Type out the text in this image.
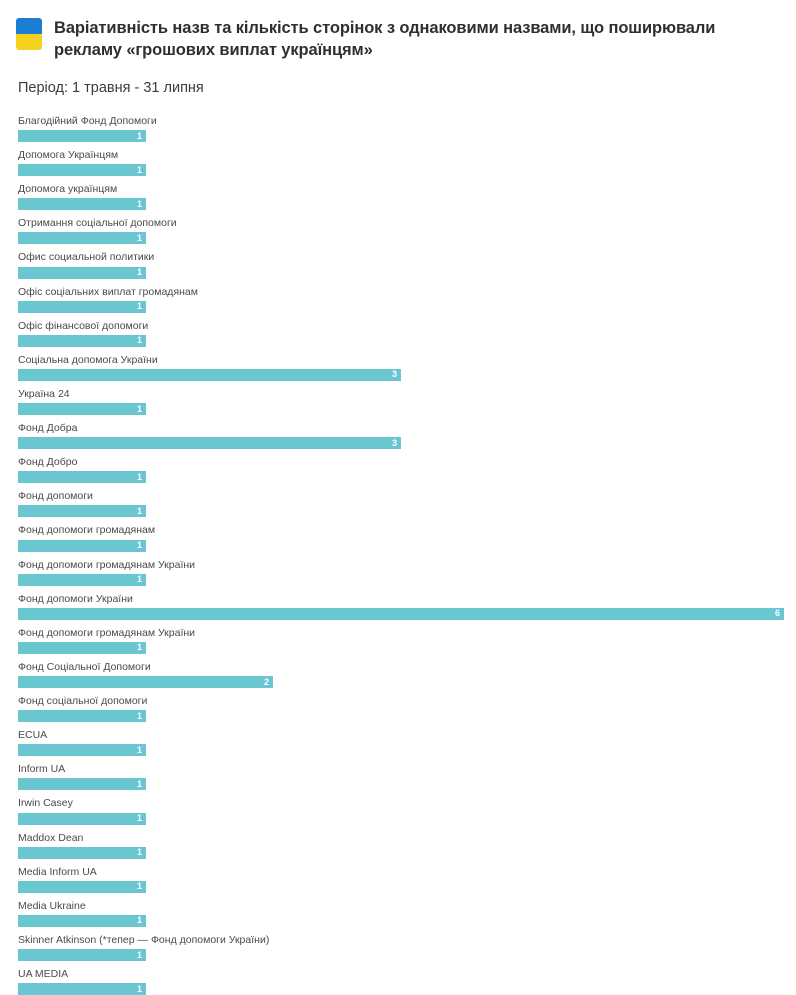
Варіативність назв та кількість сторінок з однаковими назвами, що поширювали рекламу «грошових виплат українцям»
Період: 1 травня - 31 липня
Благодійний Фонд Допомоги
1
Допомога Українцям
1
Допомога українцям
1
Отримання соціальної допомоги
1
Офис социальной политики
1
Офіс соціальних виплат громадянам
1
Офіс фінансової допомоги
1
Соціальна допомога України
3
Україна 24
1
Фонд Добра
3
Фонд Добро
1
Фонд допомоги
1
Фонд допомоги громадянам
1
Фонд допомоги громадянам України
1
Фонд допомоги України
6
Фонд допомоги громадянам України
1
Фонд Соціальної Допомоги
2
Фонд соціальної допомоги
1
ECUA
1
Inform UA
1
Irwin Casey
1
Maddox Dean
1
Media Inform UA
1
Media Ukraine
1
Skinner Atkinson (*тепер — Фонд допомоги України)
1
UA MEDIA
1
